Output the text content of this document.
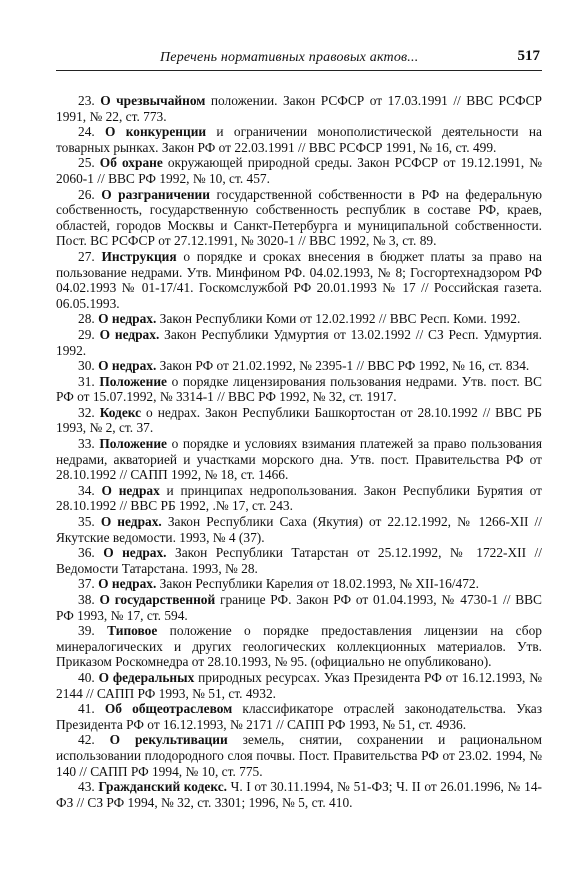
Перечень нормативных правовых актов...	517

23. О чрезвычайном положении. Закон РСФСР от 17.03.1991 // ВВС РСФСР 1991, № 22, ст. 773.

24. О конкуренции и ограничении монополистической деятельности на товарных рынках. Закон РФ от 22.03.1991 // ВВС РСФСР 1991, № 16, ст. 499.

25. Об охране окружающей природной среды. Закон РСФСР от 19.12.1991, № 2060-1 // ВВС РФ 1992, № 10, ст. 457.

26. О разграничении государственной собственности в РФ на федеральную собственность, государственную собственность республик в составе РФ, краев, областей, городов Москвы и Санкт-Петербурга и муниципальной собственности. Пост. ВС РСФСР от 27.12.1991, № 3020-1 // ВВС 1992, № 3, ст. 89.

27. Инструкция о порядке и сроках внесения в бюджет платы за право на пользование недрами. Утв. Минфином РФ. 04.02.1993, № 8; Госгортехнадзором РФ 04.02.1993 № 01-17/41. Госкомслужбой РФ 20.01.1993 № 17 // Российская газета. 06.05.1993.

28. О недрах. Закон Республики Коми от 12.02.1992 // ВВС Респ. Коми. 1992.

29. О недрах. Закон Республики Удмуртия от 13.02.1992 // СЗ Респ. Удмуртия. 1992.

30. О недрах. Закон РФ от 21.02.1992, № 2395-1 // ВВС РФ 1992, № 16, ст. 834.

31. Положение о порядке лицензирования пользования недрами. Утв. пост. ВС РФ от 15.07.1992, № 3314-1 // ВВС РФ 1992, № 32, ст. 1917.

32. Кодекс о недрах. Закон Республики Башкортостан от 28.10.1992 // ВВС РБ 1993, № 2, ст. 37.

33. Положение о порядке и условиях взимания платежей за право пользования недрами, акваторией и участками морского дна. Утв. пост. Правительства РФ от 28.10.1992 // САПП 1992, № 18, ст. 1466.

34. О недрах и принципах недропользования. Закон Республики Бурятия от 28.10.1992 // ВВС РБ 1992, .№ 17, ст. 243.

35. О недрах. Закон Республики Саха (Якутия) от 22.12.1992, № 1266-XII // Якутские ведомости. 1993, № 4 (37).

36. О недрах. Закон Республики Татарстан от 25.12.1992, № 1722-XII // Ведомости Татарстана. 1993, № 28.

37. О недрах. Закон Республики Карелия от 18.02.1993, № XII-16/472.

38. О государственной границе РФ. Закон РФ от 01.04.1993, № 4730-1 // ВВС РФ 1993, № 17, ст. 594.

39. Типовое положение о порядке предоставления лицензии на сбор минералогических и других геологических коллекционных материалов. Утв. Приказом Роскомнедра от 28.10.1993, № 95. (официально не опубликовано).

40. О федеральных природных ресурсах. Указ Президента РФ от 16.12.1993, № 2144 // САПП РФ 1993, № 51, ст. 4932.

41. Об общеотраслевом классификаторе отраслей законодательства. Указ Президента РФ от 16.12.1993, № 2171 // САПП РФ 1993, № 51, ст. 4936.

42. О рекультивации земель, снятии, сохранении и рациональном использовании плодородного слоя почвы. Пост. Правительства РФ от 23.02. 1994, № 140 // САПП РФ 1994, № 10, ст. 775.

43. Гражданский кодекс. Ч. I от 30.11.1994, № 51-ФЗ; Ч. II от 26.01.1996, № 14-ФЗ // СЗ РФ 1994, № 32, ст. 3301; 1996, № 5, ст. 410.
